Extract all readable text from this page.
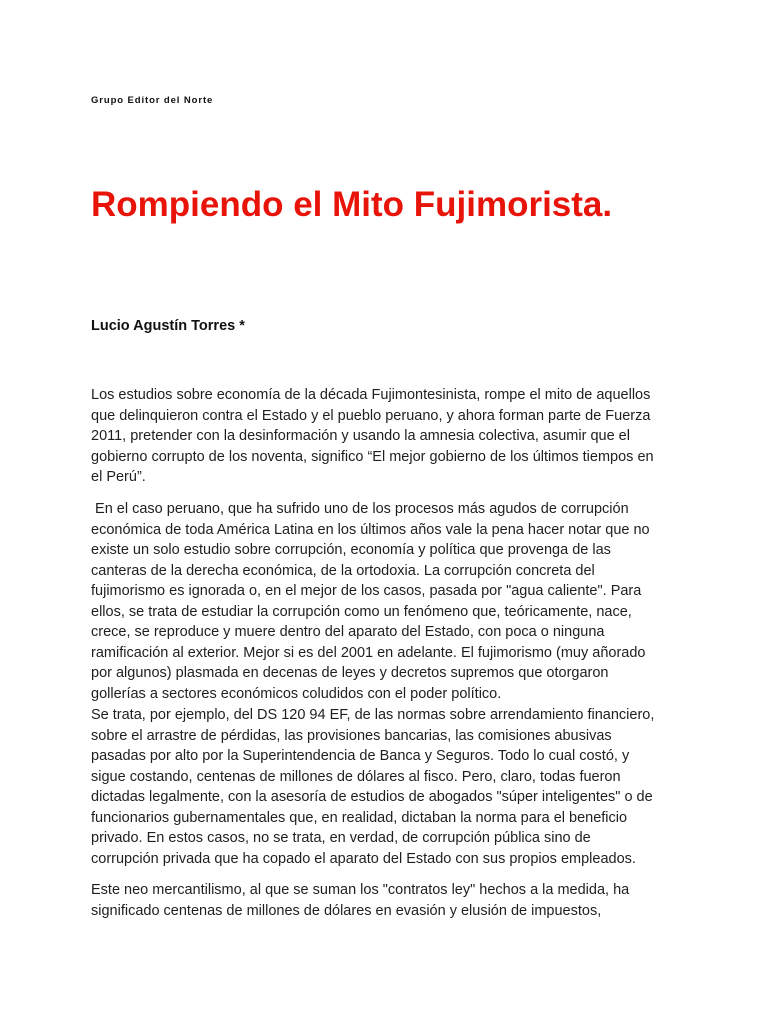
Grupo Editor del Norte
Rompiendo el Mito Fujimorista.
Lucio Agustín Torres *

Los estudios sobre economía de la década Fujimontesinista, rompe el mito de aquellos
que delinquieron contra el Estado y el pueblo peruano, y ahora forman parte de Fuerza
2011, pretender con la desinformación y usando la amnesia colectiva, asumir que el
gobierno corrupto de los noventa, significo “El mejor gobierno de los últimos tiempos en
el Perú”.

En el caso peruano, que ha sufrido uno de los procesos más agudos de corrupción
económica de toda América Latina en los últimos años vale la pena hacer notar que no
existe un solo estudio sobre corrupción, economía y política que provenga de las
canteras de la derecha económica, de la ortodoxia. La corrupción concreta del
fujimorismo es ignorada o, en el mejor de los casos, pasada por "agua caliente". Para
ellos, se trata de estudiar la corrupción como un fenómeno que, teóricamente, nace,
crece, se reproduce y muere dentro del aparato del Estado, con poca o ninguna
ramificación al exterior. Mejor si es del 2001 en adelante. El fujimorismo (muy añorado
por algunos) plasmada en decenas de leyes y decretos supremos que otorgaron
gollerías a sectores económicos coludidos con el poder político.

Se trata, por ejemplo, del DS 120 94 EF, de las normas sobre arrendamiento financiero,
sobre el arrastre de pérdidas, las provisiones bancarias, las comisiones abusivas
pasadas por alto por la Superintendencia de Banca y Seguros. Todo lo cual costó, y
sigue costando, centenas de millones de dólares al fisco. Pero, claro, todas fueron
dictadas legalmente, con la asesoría de estudios de abogados "súper inteligentes" o de
funcionarios gubernamentales que, en realidad, dictaban la norma para el beneficio
privado. En estos casos, no se trata, en verdad, de corrupción pública sino de
corrupción privada que ha copado el aparato del Estado con sus propios empleados.

Este neo mercantilismo, al que se suman los "contratos ley" hechos a la medida, ha
significado centenas de millones de dólares en evasión y elusión de impuestos,
